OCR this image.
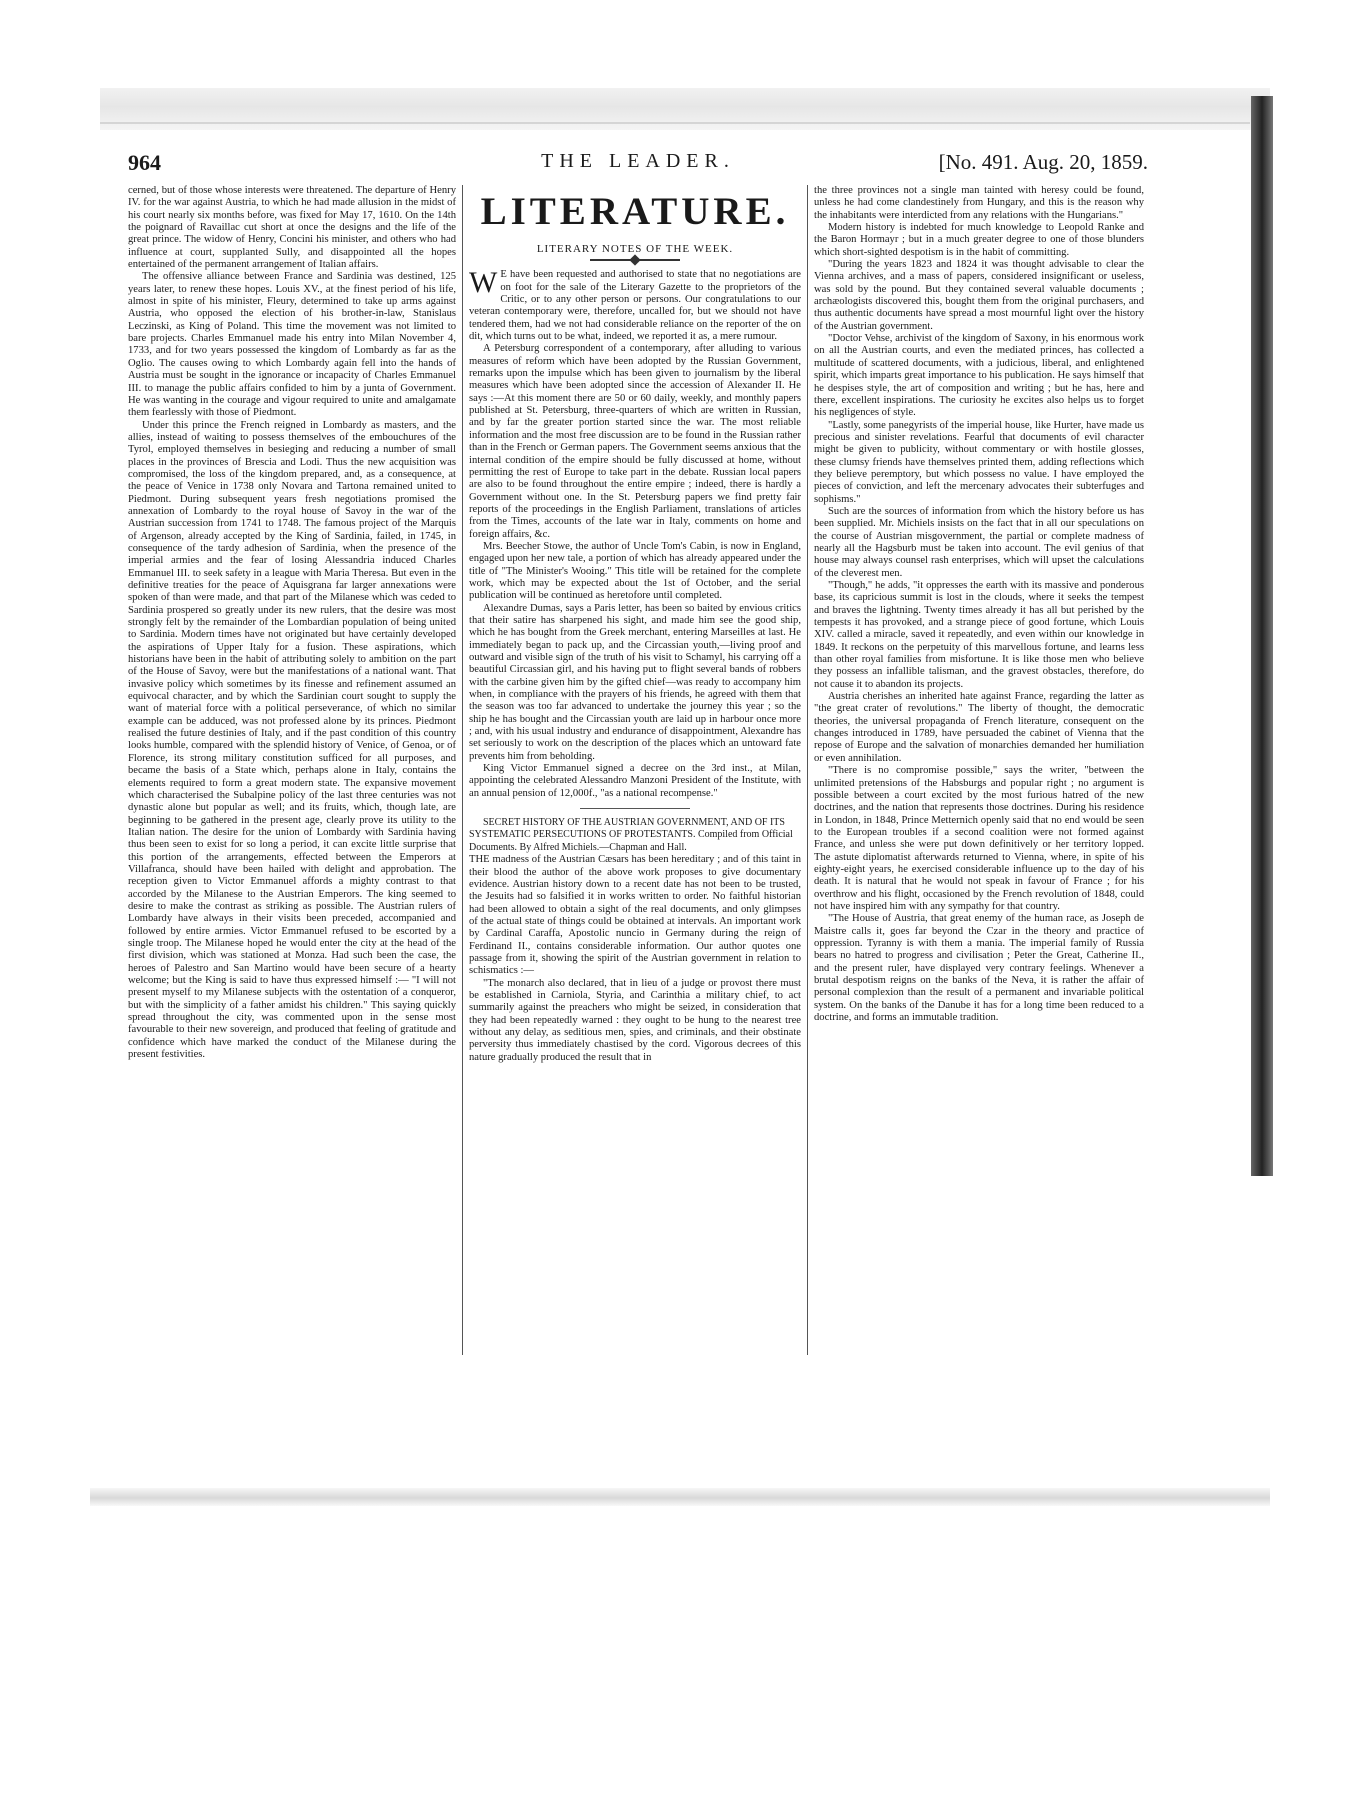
964	THE LEADER.	[No. 491. Aug. 20, 1859.

cerned, but of those whose interests were threatened. The departure of Henry IV. for the war against Austria, to which he had made allusion in the midst of his court nearly six months before, was fixed for May 17, 1610. On the 14th the poignard of Ravaillac cut short at once the designs and the life of the great prince. The widow of Henry, Concini his minister, and others who had influence at court, supplanted Sully, and disappointed all the hopes entertained of the permanent arrangement of Italian affairs.

The offensive alliance between France and Sardinia was destined, 125 years later, to renew these hopes. Louis XV., at the finest period of his life, almost in spite of his minister, Fleury, determined to take up arms against Austria, who opposed the election of his brother-in-law, Stanislaus Leczinski, as King of Poland. This time the movement was not limited to bare projects. Charles Emmanuel made his entry into Milan November 4, 1733, and for two years possessed the kingdom of Lombardy as far as the Oglio. The causes owing to which Lombardy again fell into the hands of Austria must be sought in the ignorance or incapacity of Charles Emmanuel III. to manage the public affairs confided to him by a junta of Government. He was wanting in the courage and vigour required to unite and amalgamate them fearlessly with those of Piedmont.

Under this prince the French reigned in Lombardy as masters, and the allies, instead of waiting to possess themselves of the embouchures of the Tyrol, employed themselves in besieging and reducing a number of small places in the provinces of Brescia and Lodi. Thus the new acquisition was compromised, the loss of the kingdom prepared, and, as a consequence, at the peace of Venice in 1738 only Novara and Tartona remained united to Piedmont. During subsequent years fresh negotiations promised the annexation of Lombardy to the royal house of Savoy in the war of the Austrian succession from 1741 to 1748. The famous project of the Marquis of Argenson, already accepted by the King of Sardinia, failed, in 1745, in consequence of the tardy adhesion of Sardinia, when the presence of the imperial armies and the fear of losing Alessandria induced Charles Emmanuel III. to seek safety in a league with Maria Theresa. But even in the definitive treaties for the peace of Aquisgrana far larger annexations were spoken of than were made, and that part of the Milanese which was ceded to Sardinia prospered so greatly under its new rulers, that the desire was most strongly felt by the remainder of the Lombardian population of being united to Sardinia. Modern times have not originated but have certainly developed the aspirations of Upper Italy for a fusion. These aspirations, which historians have been in the habit of attributing solely to ambition on the part of the House of Savoy, were but the manifestations of a national want. That invasive policy which sometimes by its finesse and refinement assumed an equivocal character, and by which the Sardinian court sought to supply the want of material force with a political perseverance, of which no similar example can be adduced, was not professed alone by its princes. Piedmont realised the future destinies of Italy, and if the past condition of this country looks humble, compared with the splendid history of Venice, of Genoa, or of Florence, its strong military constitution sufficed for all purposes, and became the basis of a State which, perhaps alone in Italy, contains the elements required to form a great modern state. The expansive movement which characterised the Subalpine policy of the last three centuries was not dynastic alone but popular as well; and its fruits, which, though late, are beginning to be gathered in the present age, clearly prove its utility to the Italian nation. The desire for the union of Lombardy with Sardinia having thus been seen to exist for so long a period, it can excite little surprise that this portion of the arrangements, effected between the Emperors at Villafranca, should have been hailed with delight and approbation. The reception given to Victor Emmanuel affords a mighty contrast to that accorded by the Milanese to the Austrian Emperors. The king seemed to desire to make the contrast as striking as possible. The Austrian rulers of Lombardy have always in their visits been preceded, accompanied and followed by entire armies. Victor Emmanuel refused to be escorted by a single troop. The Milanese hoped he would enter the city at the head of the first division, which was stationed at Monza. Had such been the case, the heroes of Palestro and San Martino would have been secure of a hearty welcome; but the King is said to have thus expressed himself :— "I will not present myself to my Milanese subjects with the ostentation of a conqueror, but with the simplicity of a father amidst his children." This saying quickly spread throughout the city, was commented upon in the sense most favourable to their new sovereign, and produced that feeling of gratitude and confidence which have marked the conduct of the Milanese during the present festivities.

LITERATURE.
LITERARY NOTES OF THE WEEK.

W E have been requested and authorised to state that no negotiations are on foot for the sale of the Literary Gazette to the proprietors of the Critic, or to any other person or persons. Our congratulations to our veteran contemporary were, therefore, uncalled for, but we should not have tendered them, had we not had considerable reliance on the reporter of the on dit, which turns out to be what, indeed, we reported it as, a mere rumour.

A Petersburg correspondent of a contemporary, after alluding to various measures of reform which have been adopted by the Russian Government, remarks upon the impulse which has been given to journalism by the liberal measures which have been adopted since the accession of Alexander II. He says :—At this moment there are 50 or 60 daily, weekly, and monthly papers published at St. Petersburg, three-quarters of which are written in Russian, and by far the greater portion started since the war. The most reliable information and the most free discussion are to be found in the Russian rather than in the French or German papers. The Government seems anxious that the internal condition of the empire should be fully discussed at home, without permitting the rest of Europe to take part in the debate. Russian local papers are also to be found throughout the entire empire ; indeed, there is hardly a Government without one. In the St. Petersburg papers we find pretty fair reports of the proceedings in the English Parliament, translations of articles from the Times, accounts of the late war in Italy, comments on home and foreign affairs, &c.

Mrs. Beecher Stowe, the author of Uncle Tom's Cabin, is now in England, engaged upon her new tale, a portion of which has already appeared under the title of "The Minister's Wooing." This title will be retained for the complete work, which may be expected about the 1st of October, and the serial publication will be continued as heretofore until completed.

Alexandre Dumas, says a Paris letter, has been so baited by envious critics that their satire has sharpened his sight, and made him see the good ship, which he has bought from the Greek merchant, entering Marseilles at last. He immediately began to pack up, and the Circassian youth,—living proof and outward and visible sign of the truth of his visit to Schamyl, his carrying off a beautiful Circassian girl, and his having put to flight several bands of robbers with the carbine given him by the gifted chief—was ready to accompany him when, in compliance with the prayers of his friends, he agreed with them that the season was too far advanced to undertake the journey this year ; so the ship he has bought and the Circassian youth are laid up in harbour once more ; and, with his usual industry and endurance of disappointment, Alexandre has set seriously to work on the description of the places which an untoward fate prevents him from beholding.

King Victor Emmanuel signed a decree on the 3rd inst., at Milan, appointing the celebrated Alessandro Manzoni President of the Institute, with an annual pension of 12,000f., "as a national recompense."

SECRET HISTORY OF THE AUSTRIAN GOVERNMENT, AND OF ITS SYSTEMATIC PERSECUTIONS OF PROTESTANTS. Compiled from Official Documents. By Alfred Michiels.—Chapman and Hall.

THE madness of the Austrian Cæsars has been hereditary ; and of this taint in their blood the author of the above work proposes to give documentary evidence. Austrian history down to a recent date has not been to be trusted, the Jesuits had so falsified it in works written to order. No faithful historian had been allowed to obtain a sight of the real documents, and only glimpses of the actual state of things could be obtained at intervals. An important work by Cardinal Caraffa, Apostolic nuncio in Germany during the reign of Ferdinand II., contains considerable information. Our author quotes one passage from it, showing the spirit of the Austrian government in relation to schismatics :—

"The monarch also declared, that in lieu of a judge or provost there must be established in Carniola, Styria, and Carinthia a military chief, to act summarily against the preachers who might be seized, in consideration that they had been repeatedly warned : they ought to be hung to the nearest tree without any delay, as seditious men, spies, and criminals, and their obstinate perversity thus immediately chastised by the cord. Vigorous decrees of this nature gradually produced the result that in

the three provinces not a single man tainted with heresy could be found, unless he had come clandestinely from Hungary, and this is the reason why the inhabitants were interdicted from any relations with the Hungarians."

Modern history is indebted for much knowledge to Leopold Ranke and the Baron Hormayr ; but in a much greater degree to one of those blunders which short-sighted despotism is in the habit of committing.

"During the years 1823 and 1824 it was thought advisable to clear the Vienna archives, and a mass of papers, considered insignificant or useless, was sold by the pound. But they contained several valuable documents ; archæologists discovered this, bought them from the original purchasers, and thus authentic documents have spread a most mournful light over the history of the Austrian government.

"Doctor Vehse, archivist of the kingdom of Saxony, in his enormous work on all the Austrian courts, and even the mediated princes, has collected a multitude of scattered documents, with a judicious, liberal, and enlightened spirit, which imparts great importance to his publication. He says himself that he despises style, the art of composition and writing ; but he has, here and there, excellent inspirations. The curiosity he excites also helps us to forget his negligences of style.

"Lastly, some panegyrists of the imperial house, like Hurter, have made us precious and sinister revelations. Fearful that documents of evil character might be given to publicity, without commentary or with hostile glosses, these clumsy friends have themselves printed them, adding reflections which they believe peremptory, but which possess no value. I have employed the pieces of conviction, and left the mercenary advocates their subterfuges and sophisms."

Such are the sources of information from which the history before us has been supplied. Mr. Michiels insists on the fact that in all our speculations on the course of Austrian misgovernment, the partial or complete madness of nearly all the Hagsburb must be taken into account. The evil genius of that house may always counsel rash enterprises, which will upset the calculations of the cleverest men.

"Though," he adds, "it oppresses the earth with its massive and ponderous base, its capricious summit is lost in the clouds, where it seeks the tempest and braves the lightning. Twenty times already it has all but perished by the tempests it has provoked, and a strange piece of good fortune, which Louis XIV. called a miracle, saved it repeatedly, and even within our knowledge in 1849. It reckons on the perpetuity of this marvellous fortune, and learns less than other royal families from misfortune. It is like those men who believe they possess an infallible talisman, and the gravest obstacles, therefore, do not cause it to abandon its projects.

Austria cherishes an inherited hate against France, regarding the latter as "the great crater of revolutions." The liberty of thought, the democratic theories, the universal propaganda of French literature, consequent on the changes introduced in 1789, have persuaded the cabinet of Vienna that the repose of Europe and the salvation of monarchies demanded her humiliation or even annihilation.

"There is no compromise possible," says the writer, "between the unlimited pretensions of the Habsburgs and popular right ; no argument is possible between a court excited by the most furious hatred of the new doctrines, and the nation that represents those doctrines. During his residence in London, in 1848, Prince Metternich openly said that no end would be seen to the European troubles if a second coalition were not formed against France, and unless she were put down definitively or her territory lopped. The astute diplomatist afterwards returned to Vienna, where, in spite of his eighty-eight years, he exercised considerable influence up to the day of his death. It is natural that he would not speak in favour of France ; for his overthrow and his flight, occasioned by the French revolution of 1848, could not have inspired him with any sympathy for that country.

"The House of Austria, that great enemy of the human race, as Joseph de Maistre calls it, goes far beyond the Czar in the theory and practice of oppression. Tyranny is with them a mania. The imperial family of Russia bears no hatred to progress and civilisation ; Peter the Great, Catherine II., and the present ruler, have displayed very contrary feelings. Whenever a brutal despotism reigns on the banks of the Neva, it is rather the affair of personal complexion than the result of a permanent and invariable political system. On the banks of the Danube it has for a long time been reduced to a doctrine, and forms an immutable tradition.
